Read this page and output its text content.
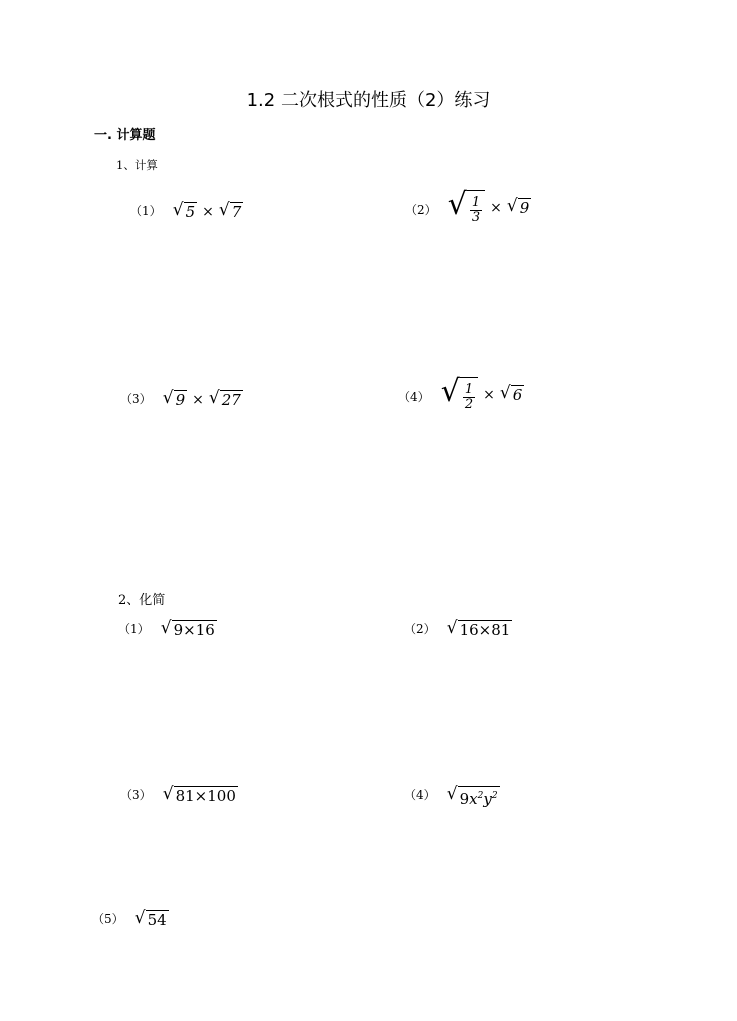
1.2 二次根式的性质（2）练习
一. 计算题
1、计算
（1） √ 5 × √ 7	（2） √ $\frac{1}{3}$ × √ 9
（3） √ 9 × √ 27	（4） √ $\frac{1}{2}$ × √ 6
2、化简
（1） √ 9×16	（2） √ 16×81
（3） √ 81×100	（4） √ $9x^2y^2$
（5） √ 54
